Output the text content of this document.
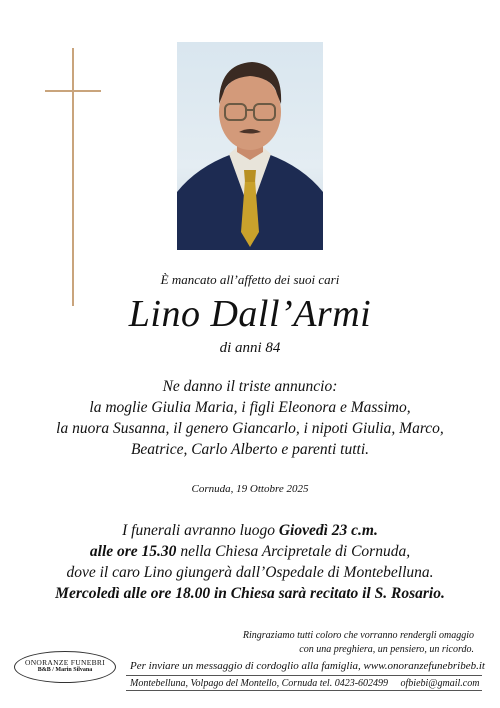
È mancato all’affetto dei suoi cari
Lino Dall’Armi
di anni 84
Ne danno il triste annuncio:
la moglie Giulia Maria, i figli Eleonora e Massimo,
la nuora Susanna, il genero Giancarlo, i nipoti Giulia, Marco,
Beatrice, Carlo Alberto e parenti tutti.
Cornuda, 19 Ottobre 2025
I funerali avranno luogo Giovedì 23 c.m.
alle ore 15.30 nella Chiesa Arcipretale di Cornuda,
dove il caro Lino giungerà dall’Ospedale di Montebelluna.
Mercoledì alle ore 18.00 in Chiesa sarà recitato il S. Rosario.
Ringraziamo tutti coloro che vorranno rendergli omaggio
con una preghiera, un pensiero, un ricordo.
ONORANZE FUNEBRI
B&B / Marin Silvana	Per inviare un messaggio di cordoglio alla famiglia, www.onoranzefunebribeb.it
Montebelluna, Volpago del Montello, Cornuda tel. 0423-602499     ofbiebi@gmail.com
